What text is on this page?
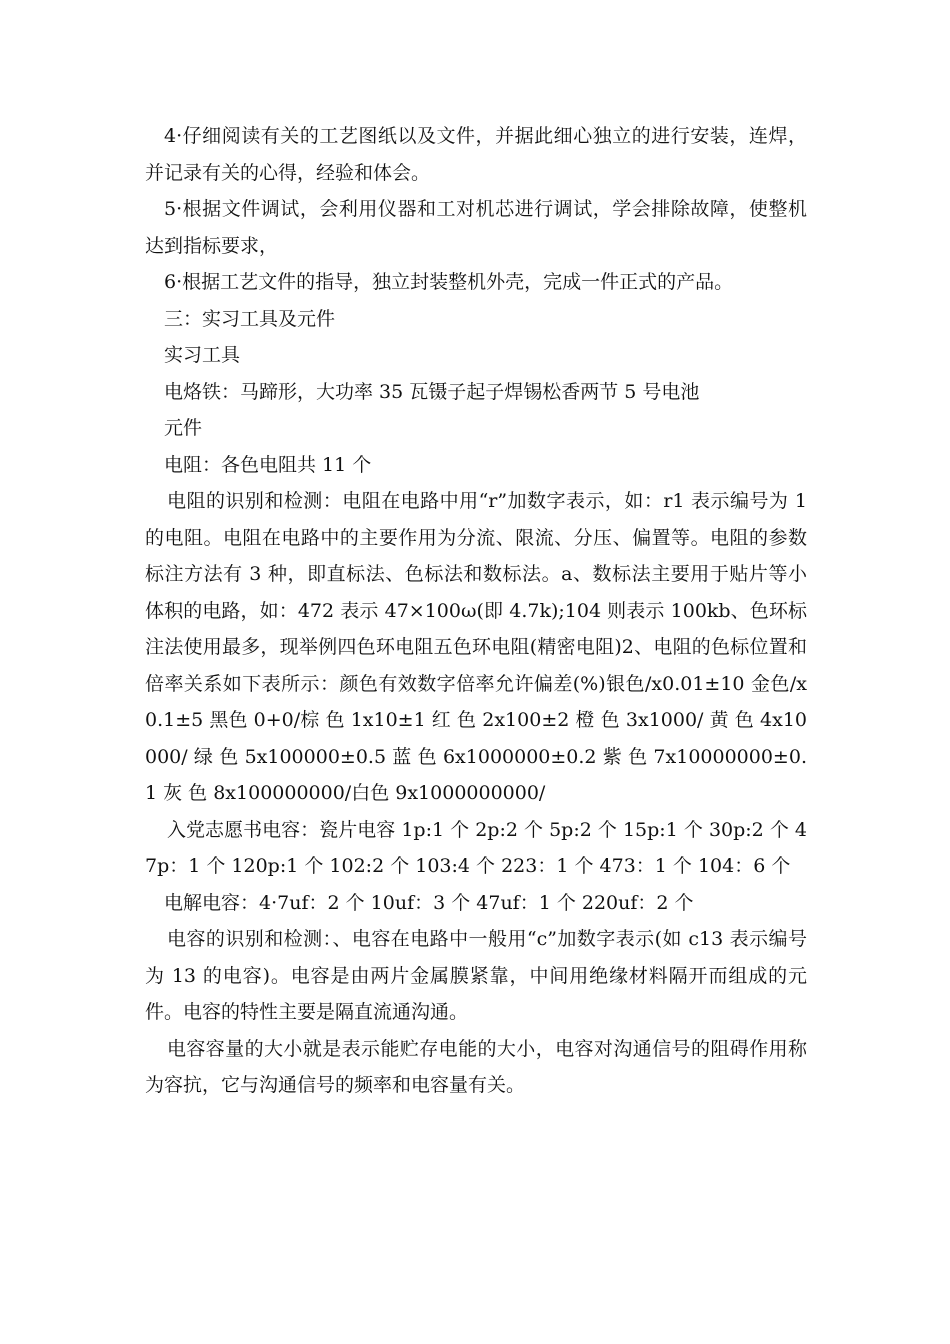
4·仔细阅读有关的工艺图纸以及文件，并据此细心独立的进行安装，连焊，并记录有关的心得，经验和体会。

5·根据文件调试，会利用仪器和工对机芯进行调试，学会排除故障，使整机达到指标要求，

6·根据工艺文件的指导，独立封装整机外壳，完成一件正式的产品。

三：实习工具及元件

实习工具

电烙铁：马蹄形，大功率 35 瓦镊子起子焊锡松香两节 5 号电池

元件

电阻：各色电阻共 11 个

电阻的识别和检测：电阻在电路中用“r”加数字表示，如：r1 表示编号为 1 的电阻。电阻在电路中的主要作用为分流、限流、分压、偏置等。电阻的参数标注方法有 3 种，即直标法、色标法和数标法。a、数标法主要用于贴片等小体积的电路，如：472 表示 47×100ω(即 4.7k);104 则表示 100kb、色环标注法使用最多，现举例四色环电阻五色环电阻(精密电阻)2、电阻的色标位置和倍率关系如下表所示：颜色有效数字倍率允许偏差(%)银色/x0.01±10 金色/x0.1±5 黑色 0+0/棕 色 1x10±1 红 色 2x100±2 橙 色 3x1000/ 黄 色 4x10000/ 绿 色 5x100000±0.5 蓝 色 6x1000000±0.2 紫 色 7x10000000±0.1 灰 色 8x100000000/白色 9x1000000000/

入党志愿书电容：瓷片电容 1p:1 个 2p:2 个 5p:2 个 15p:1 个 30p:2 个 47p：1 个 120p:1 个 102:2 个 103:4 个 223：1 个 473：1 个 104：6 个

电解电容：4·7uf：2 个 10uf：3 个 47uf：1 个 220uf：2 个

电容的识别和检测：、电容在电路中一般用“c”加数字表示(如 c13 表示编号为 13 的电容)。电容是由两片金属膜紧靠，中间用绝缘材料隔开而组成的元件。电容的特性主要是隔直流通沟通。

电容容量的大小就是表示能贮存电能的大小，电容对沟通信号的阻碍作用称为容抗，它与沟通信号的频率和电容量有关。
